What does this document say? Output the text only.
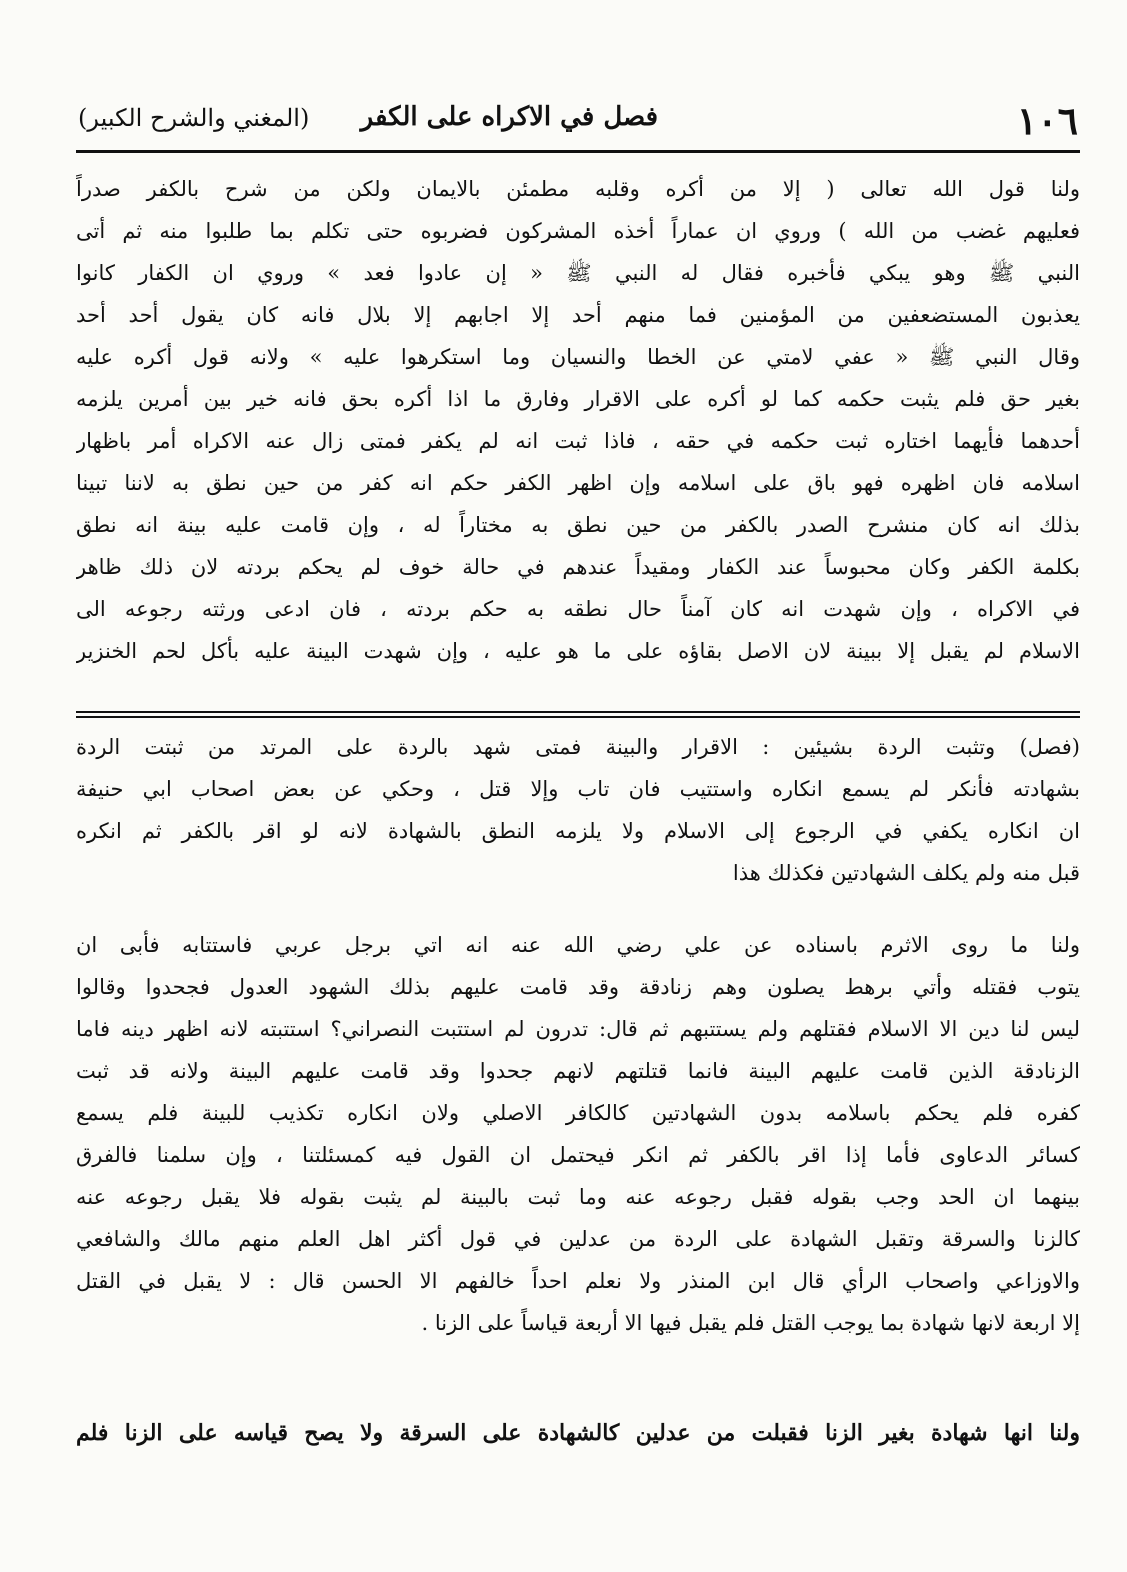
١٠٦
فصل في الاكراه على الكفر
(المغني والشرح الكبير)
ولنا قول الله تعالى ( إلا من أكره وقلبه مطمئن بالايمان ولكن من شرح بالكفر صدراً
فعليهم غضب من الله ) وروي ان عماراً أخذه المشركون فضربوه حتى تكلم بما طلبوا منه ثم أتى
النبي ﷺ وهو يبكي فأخبره فقال له النبي ﷺ « إن عادوا فعد » وروي ان الكفار كانوا
يعذبون المستضعفين من المؤمنين فما منهم أحد إلا اجابهم إلا بلال فانه كان يقول أحد أحد
وقال النبي ﷺ « عفي لامتي عن الخطا والنسيان وما استكرهوا عليه » ولانه قول أكره عليه
بغير حق فلم يثبت حكمه كما لو أكره على الاقرار وفارق ما اذا أكره بحق فانه خير بين أمرين يلزمه
أحدهما فأيهما اختاره ثبت حكمه في حقه ، فاذا ثبت انه لم يكفر فمتى زال عنه الاكراه أمر باظهار
اسلامه فان اظهره فهو باق على اسلامه وإن اظهر الكفر حكم انه كفر من حين نطق به لاننا تبينا
بذلك انه كان منشرح الصدر بالكفر من حين نطق به مختاراً له ، وإن قامت عليه بينة انه نطق
بكلمة الكفر وكان محبوساً عند الكفار ومقيداً عندهم في حالة خوف لم يحكم بردته لان ذلك ظاهر
في الاكراه ، وإن شهدت انه كان آمناً حال نطقه به حكم بردته ، فان ادعى ورثته رجوعه الى
الاسلام لم يقبل إلا ببينة لان الاصل بقاؤه على ما هو عليه ، وإن شهدت البينة عليه بأكل لحم الخنزير
(فصل) وتثبت الردة بشيئين : الاقرار والبينة فمتى شهد بالردة على المرتد من ثبتت الردة
بشهادته فأنكر لم يسمع انكاره واستتيب فان تاب وإلا قتل ، وحكي عن بعض اصحاب ابي حنيفة
ان انكاره يكفي في الرجوع إلى الاسلام ولا يلزمه النطق بالشهادة لانه لو اقر بالكفر ثم انكره
قبل منه ولم يكلف الشهادتين فكذلك هذا
ولنا ما روى الاثرم باسناده عن علي رضي الله عنه انه اتي برجل عربي فاستتابه فأبى ان
يتوب فقتله وأتي برهط يصلون وهم زنادقة وقد قامت عليهم بذلك الشهود العدول فجحدوا وقالوا
ليس لنا دين الا الاسلام فقتلهم ولم يستتبهم ثم قال: تدرون لم استتبت النصراني؟ استتبته لانه اظهر دينه فاما
الزنادقة الذين قامت عليهم البينة فانما قتلتهم لانهم جحدوا وقد قامت عليهم البينة ولانه قد ثبت
كفره فلم يحكم باسلامه بدون الشهادتين كالكافر الاصلي ولان انكاره تكذيب للبينة فلم يسمع
كسائر الدعاوى فأما إذا اقر بالكفر ثم انكر فيحتمل ان القول فيه كمسئلتنا ، وإن سلمنا فالفرق
بينهما ان الحد وجب بقوله فقبل رجوعه عنه وما ثبت بالبينة لم يثبت بقوله فلا يقبل رجوعه عنه
كالزنا والسرقة وتقبل الشهادة على الردة من عدلين في قول أكثر اهل العلم منهم مالك والشافعي
والاوزاعي واصحاب الرأي قال ابن المنذر ولا نعلم احداً خالفهم الا الحسن قال : لا يقبل في القتل
إلا اربعة لانها شهادة بما يوجب القتل فلم يقبل فيها الا أربعة قياساً على الزنا .
ولنا انها شهادة بغير الزنا فقبلت من عدلين كالشهادة على السرقة ولا يصح قياسه على الزنا فلم
